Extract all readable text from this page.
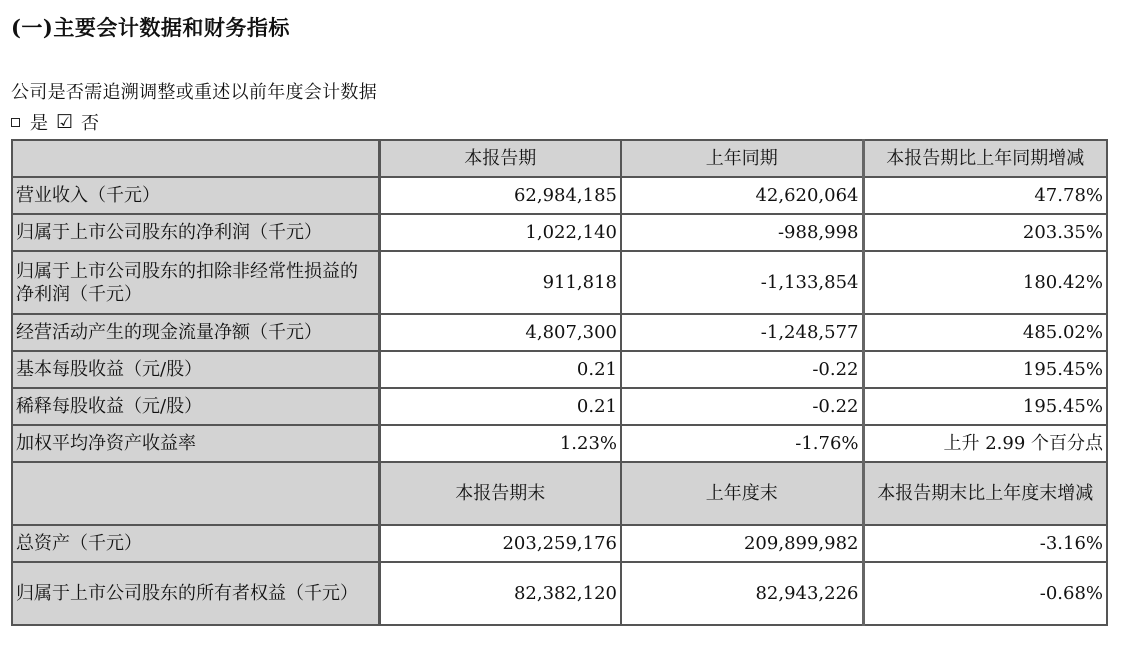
(一)主要会计数据和财务指标
公司是否需追溯调整或重述以前年度会计数据
是 ☑ 否
	本报告期	上年同期	本报告期比上年同期增减
营业收入（千元）	62,984,185	42,620,064	47.78%
归属于上市公司股东的净利润（千元）	1,022,140	-988,998	203.35%
归属于上市公司股东的扣除非经常性损益的净利润（千元）	911,818	-1,133,854	180.42%
经营活动产生的现金流量净额（千元）	4,807,300	-1,248,577	485.02%
基本每股收益（元/股）	0.21	-0.22	195.45%
稀释每股收益（元/股）	0.21	-0.22	195.45%
加权平均净资产收益率	1.23%	-1.76%	上升 2.99 个百分点
	本报告期末	上年度末	本报告期末比上年度末增减
总资产（千元）	203,259,176	209,899,982	-3.16%
归属于上市公司股东的所有者权益（千元）	82,382,120	82,943,226	-0.68%
